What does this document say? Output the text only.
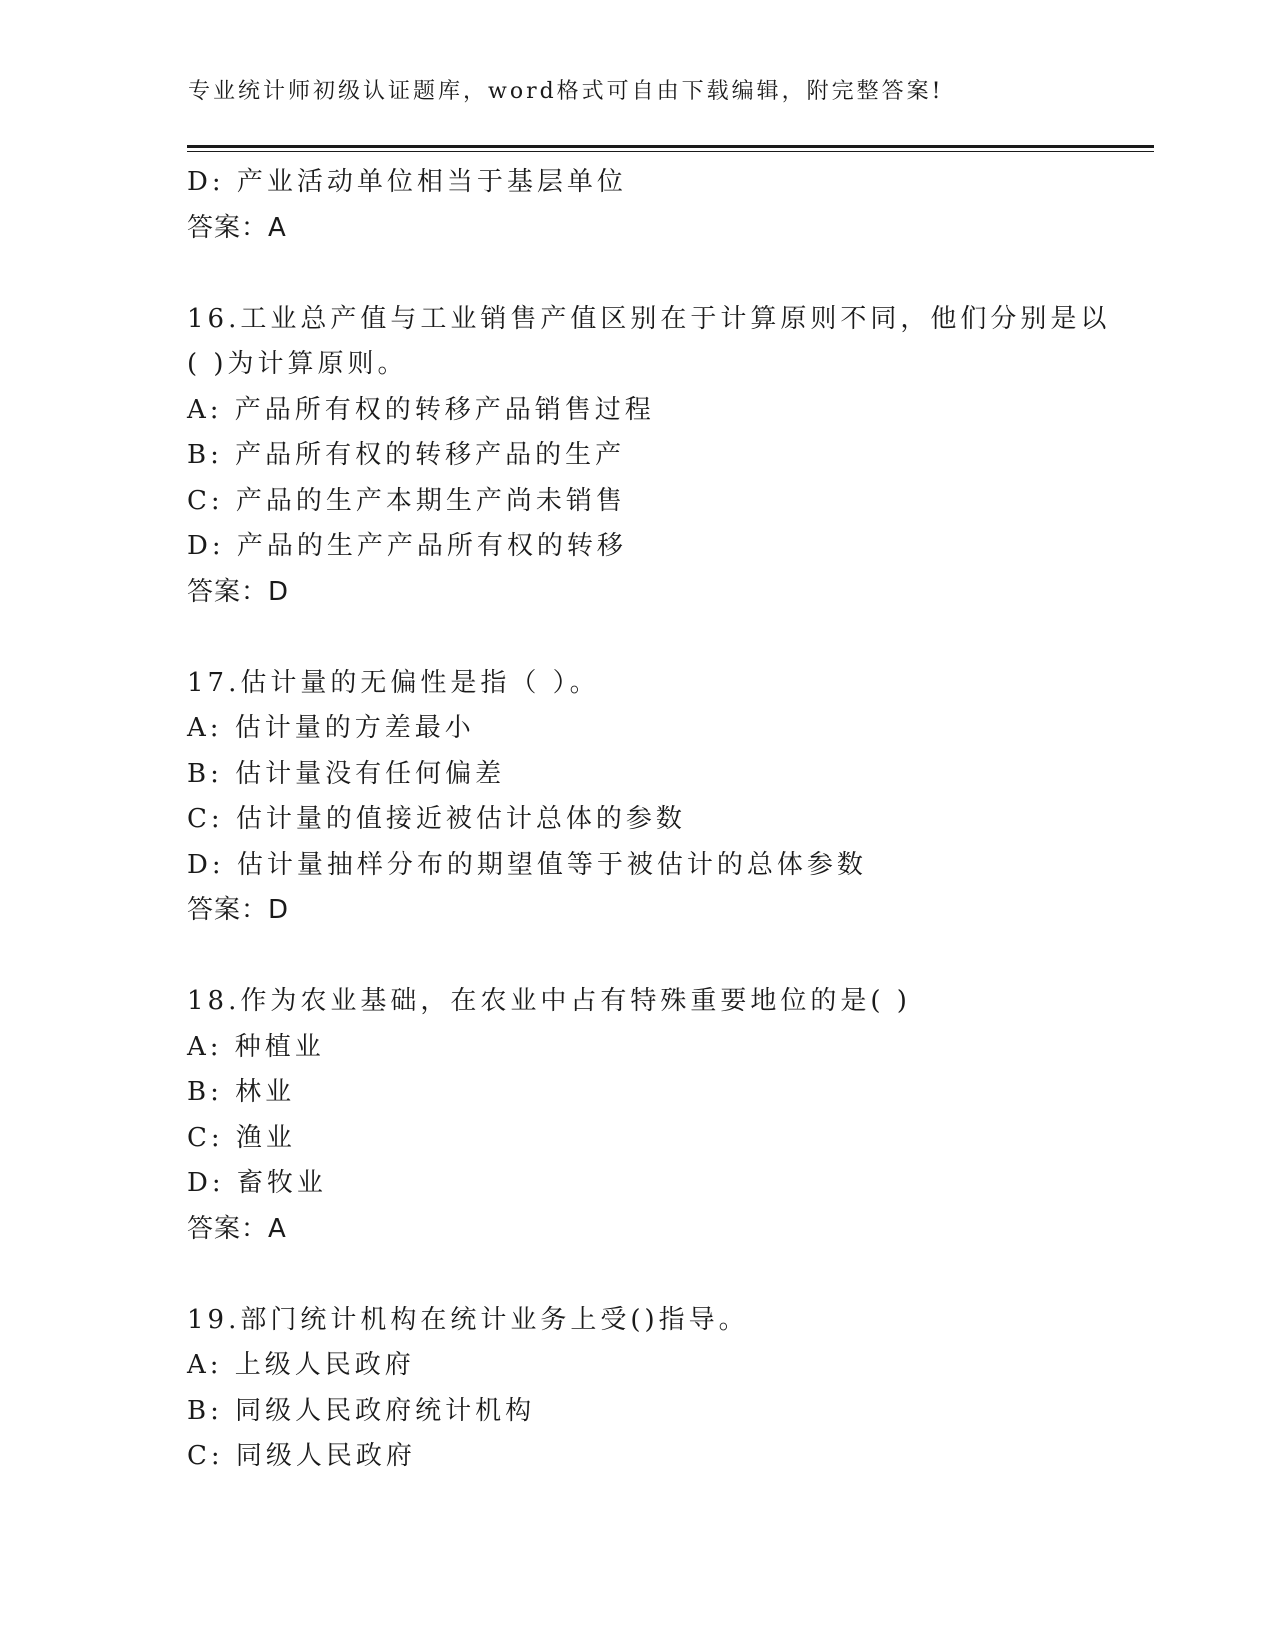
专业统计师初级认证题库，word格式可自由下载编辑，附完整答案!
D: 产业活动单位相当于基层单位
答案：A
16.工业总产值与工业销售产值区别在于计算原则不同，他们分别是以
( )为计算原则。
A: 产品所有权的转移产品销售过程
B: 产品所有权的转移产品的生产
C: 产品的生产本期生产尚未销售
D: 产品的生产产品所有权的转移
答案：D
17.估计量的无偏性是指（ ）。
A: 估计量的方差最小
B: 估计量没有任何偏差
C: 估计量的值接近被估计总体的参数
D: 估计量抽样分布的期望值等于被估计的总体参数
答案：D
18.作为农业基础，在农业中占有特殊重要地位的是( )
A: 种植业
B: 林业
C: 渔业
D: 畜牧业
答案：A
19.部门统计机构在统计业务上受()指导。
A: 上级人民政府
B: 同级人民政府统计机构
C: 同级人民政府
